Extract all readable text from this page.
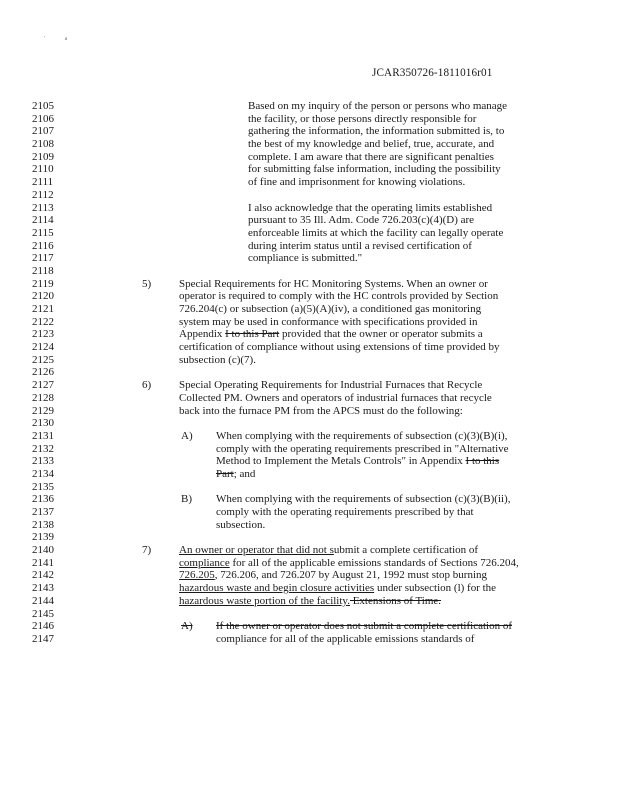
'	a
JCAR350726-1811016r01
2105	Based on my inquiry of the person or persons who manage
2106	the facility, or those persons directly responsible for
2107	gathering the information, the information submitted is, to
2108	the best of my knowledge and belief, true, accurate, and
2109	complete. I am aware that there are significant penalties
2110	for submitting false information, including the possibility
2111	of fine and imprisonment for knowing violations.
2112
2113	I also acknowledge that the operating limits established
2114	pursuant to 35 Ill. Adm. Code 726.203(c)(4)(D) are
2115	enforceable limits at which the facility can legally operate
2116	during interim status until a revised certification of
2117	compliance is submitted."
2118
2119	5)	Special Requirements for HC Monitoring Systems. When an owner or
2120	operator is required to comply with the HC controls provided by Section
2121	726.204(c) or subsection (a)(5)(A)(iv), a conditioned gas monitoring
2122	system may be used in conformance with specifications provided in
2123	Appendix I to this Part provided that the owner or operator submits a
2124	certification of compliance without using extensions of time provided by
2125	subsection (c)(7).
2126
2127	6)	Special Operating Requirements for Industrial Furnaces that Recycle
2128	Collected PM. Owners and operators of industrial furnaces that recycle
2129	back into the furnace PM from the APCS must do the following:
2130
2131	A) When complying with the requirements of subsection (c)(3)(B)(i),
2132	comply with the operating requirements prescribed in "Alternative
2133	Method to Implement the Metals Controls" in Appendix I to this
2134	Part; and
2135
2136	B) When complying with the requirements of subsection (c)(3)(B)(ii),
2137	comply with the operating requirements prescribed by that
2138	subsection.
2139
2140	7)	An owner or operator that did not submit a complete certification of
2141	compliance for all of the applicable emissions standards of Sections 726.204,
2142	726.205, 726.206, and 726.207 by August 21, 1992 must stop burning
2143	hazardous waste and begin closure activities under subsection (l) for the
2144	hazardous waste portion of the facility. Extensions of Time.
2145
2146	A) If the owner or operator does not submit a complete certification of
2147	compliance for all of the applicable emissions standards of
